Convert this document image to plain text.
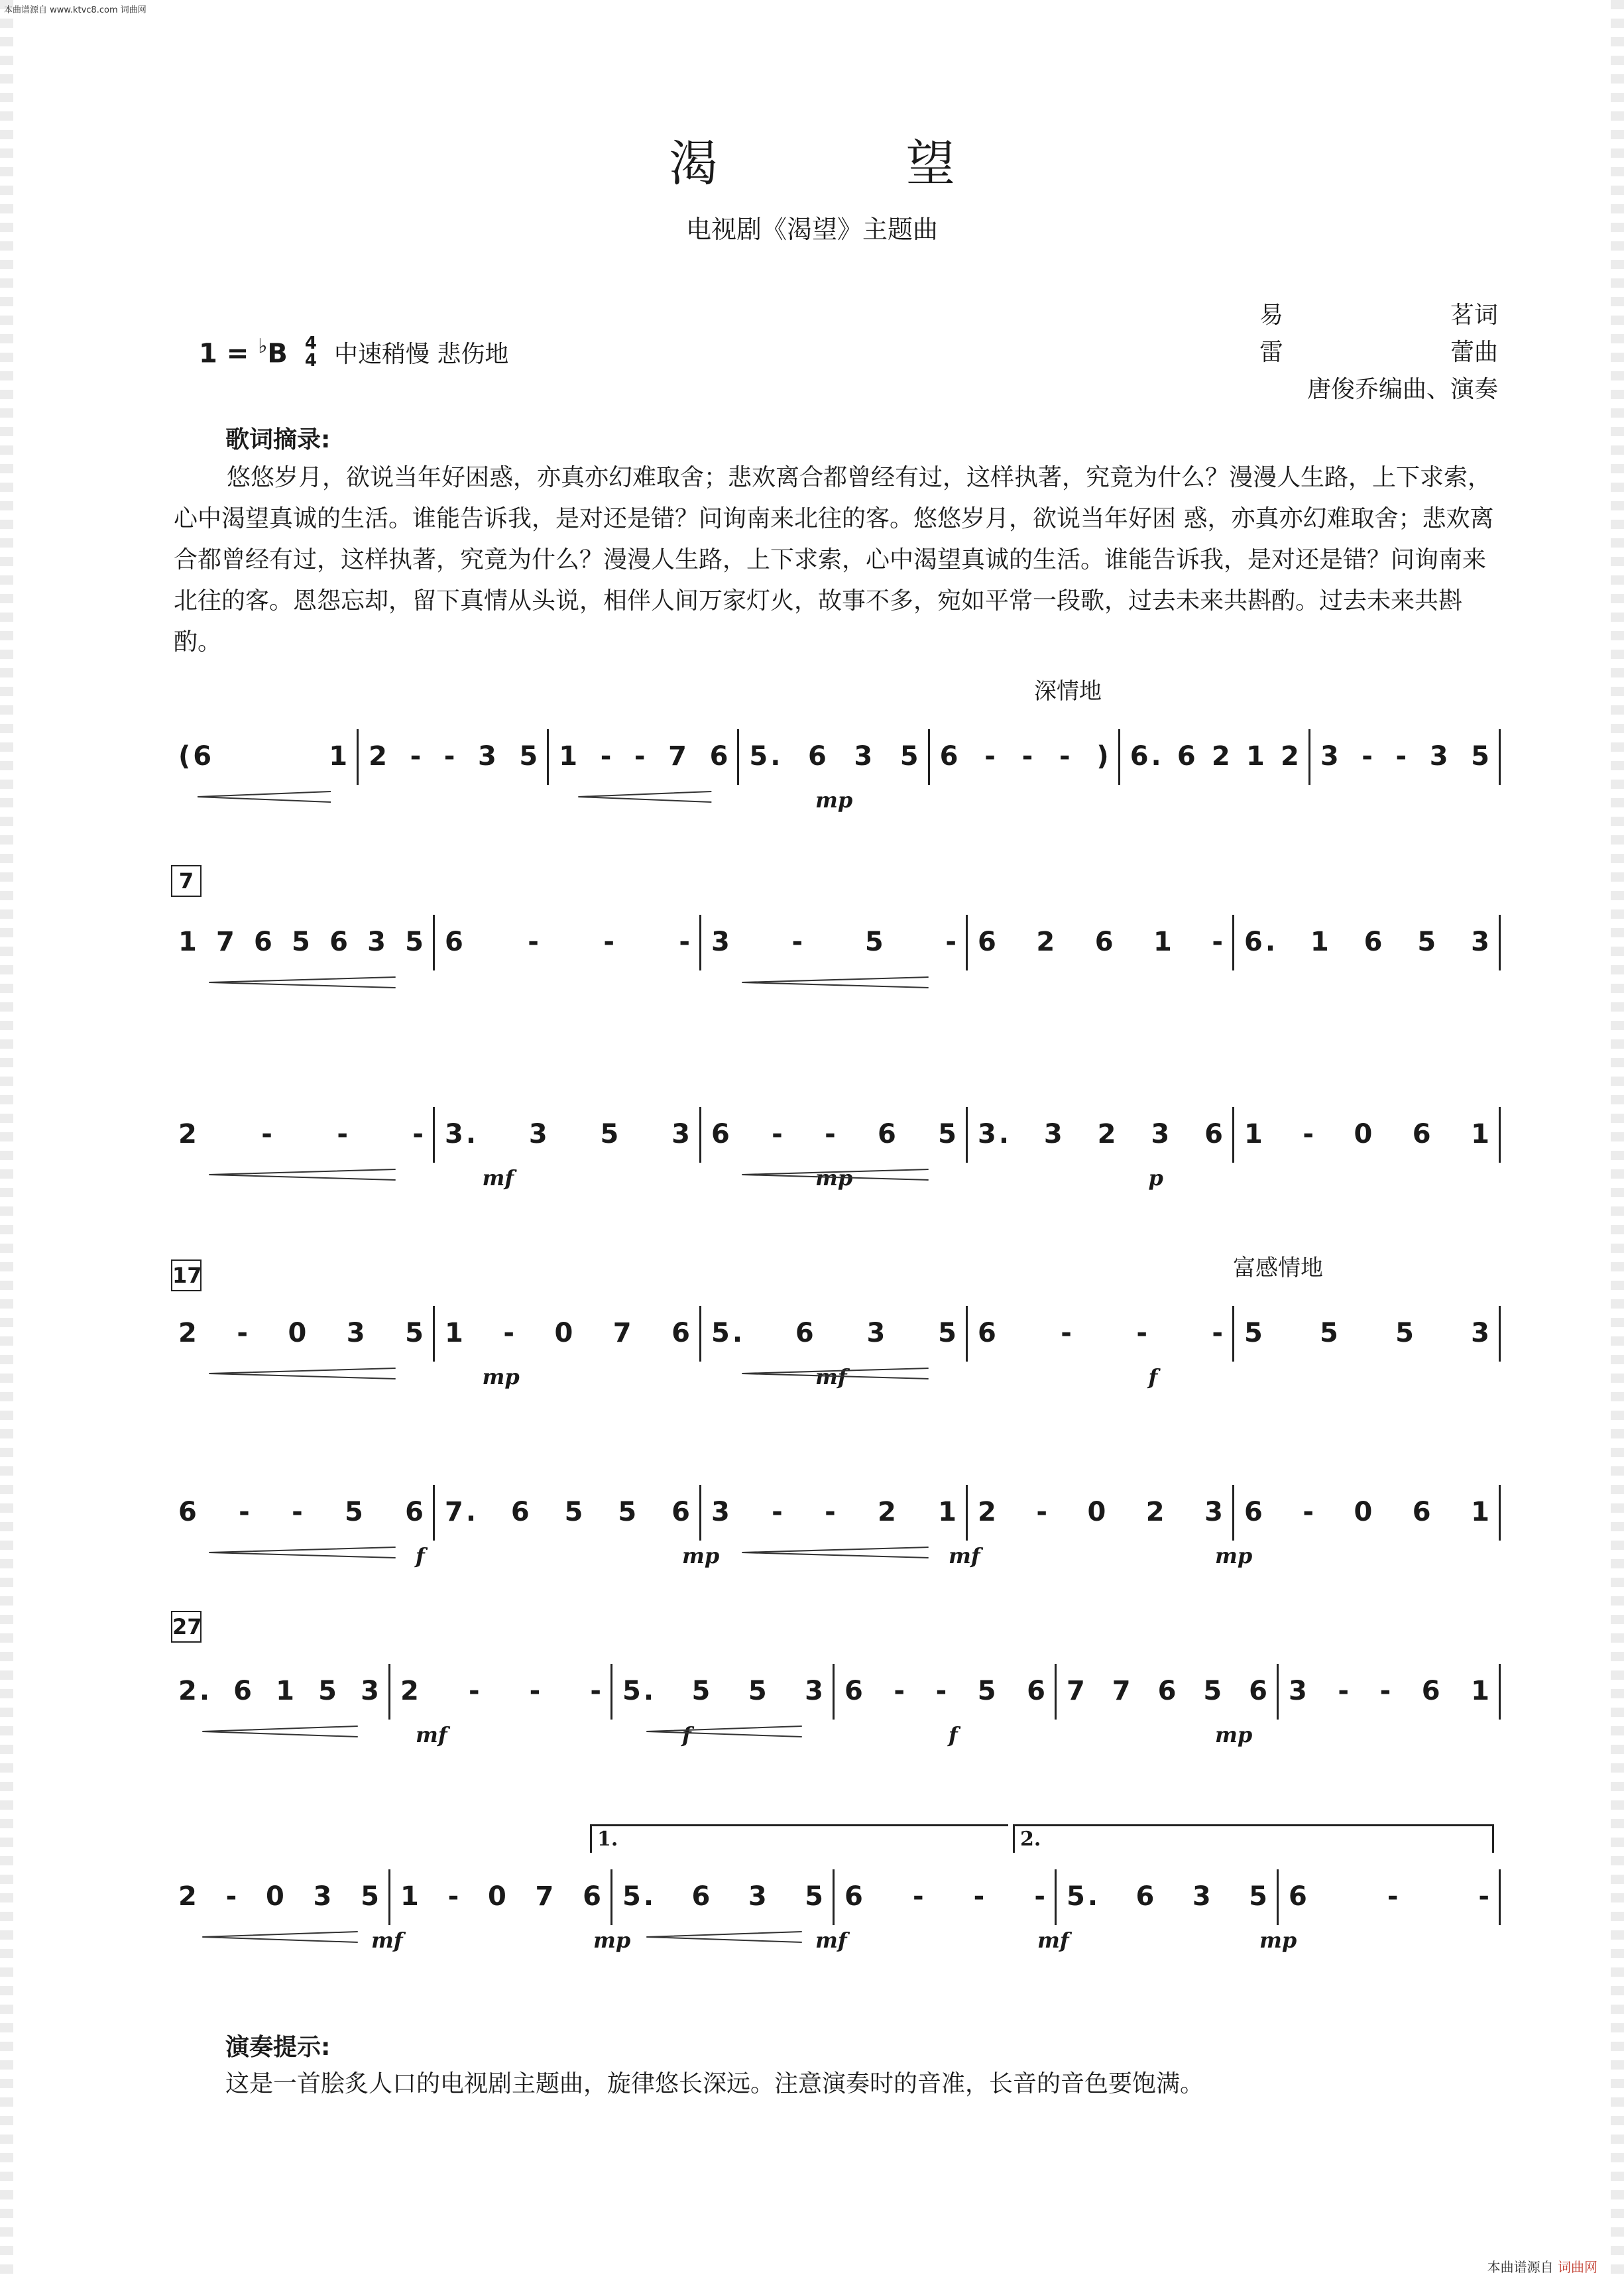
本曲谱源自 www.ktvc8.com 词曲网
渴 望
电视剧《渴望》主题曲
易	茗词
雷	蕾曲
唐俊乔编曲、演奏
1 = ♭B 4
4 中速稍慢 悲伤地
歌词摘录:
悠悠岁月，欲说当年好困惑，亦真亦幻难取舍；悲欢离合都曾经有过，这样执著，究竟为什么？漫漫人生路，上下求索， 心中渴望真诚的生活。谁能告诉我，是对还是错？问询南来北往的客。悠悠岁月，欲说当年好困 惑，亦真亦幻难取舍；悲欢离合都曾经有过，这样执著，究竟为什么？漫漫人生路，上下求索，心中渴望真诚的生活。谁能告诉我，是对还是错？问询南来北往的客。恩怨忘却，留下真情从头说，相伴人间万家灯火，故事不多，宛如平常一段歌，过去未来共斟酌。过去未来共斟酌。
深情地
富感情地
7
17
27
(6	1 2 - - 3 5 1 - - 7 6 5. 6 3 5 6 - - - ) 6. 6 2 1 2 3 - - 3 5
mp
1 7 6 5 6 3 5 6 - - - 3 - 5 - 6 2 6 1 - 6. 1 6 5 3
2 - - - 3. 3 5 3 6 - - 6 5 3. 3 2 3 6 1 - 0 6 1
mf	mp	p
2 - 0 3 5 1 - 0 7 6 5. 6 3 5 6 - - - 5 5 5 3
mp	mf	f
6 - - 5 6 7. 6 5 5 6 3 - - 2 1 2 - 0 2 3 6 - 0 6 1
f	mp	mf	mp
2. 6 1 5 3 2 - - - 5. 5 5 3 6 - - 5 6 7 7 6 5 6 3 - - 6 1
mf	f	f	mp
2 - 0 3 5 1 - 0 7 6 5. 6 3 5 6 - - - 5. 6 3 5 6	-	-
mf	mp	mf	mf	mp
1.	2.
演奏提示:
这是一首脍炙人口的电视剧主题曲，旋律悠长深远。注意演奏时的音准，长音的音色要饱满。
本曲谱源自 词曲网
